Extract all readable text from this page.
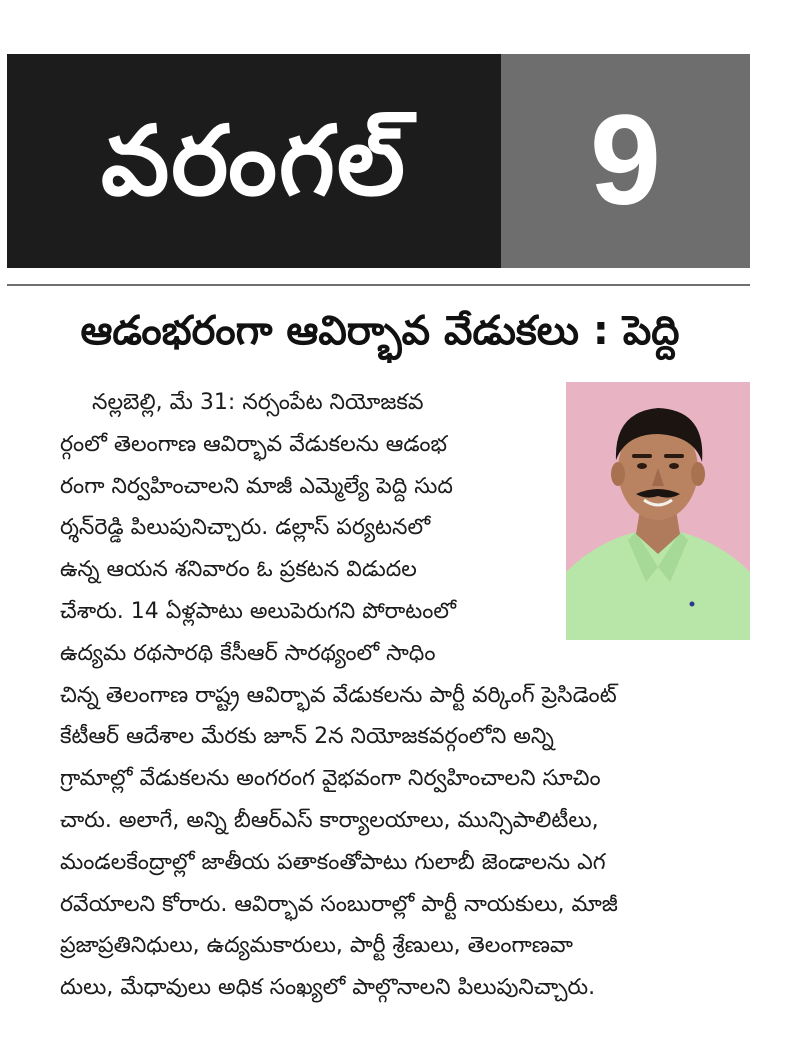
వరంగల్ 9
ఆడంభరంగా ఆవిర్భావ వేడుకలు : పెద్ది
నల్లబెల్లి, మే 31: నర్సంపేట నియోజకవ
ర్గంలో తెలంగాణ ఆవిర్భావ వేడుకలను ఆడంభ
రంగా నిర్వహించాలని మాజీ ఎమ్మెల్యే పెద్ది సుద
ర్శన్‌రెడ్డి పిలుపునిచ్చారు. డల్లాస్ పర్యటనలో
ఉన్న ఆయన శనివారం ఓ ప్రకటన విడుదల
చేశారు. 14 ఏళ్లపాటు అలుపెరుగని పోరాటంలో
ఉద్యమ రథసారథి కేసీఆర్ సారథ్యంలో సాధిం
చిన్న తెలంగాణ రాష్ట్ర ఆవిర్భావ వేడుకలను పార్టీ వర్కింగ్ ప్రెసిడెంట్
కేటీఆర్ ఆదేశాల మేరకు జూన్ 2న నియోజకవర్గంలోని అన్ని
గ్రామాల్లో వేడుకలను అంగరంగ వైభవంగా నిర్వహించాలని సూచిం
చారు. అలాగే, అన్ని బీఆర్ఎస్ కార్యాలయాలు, మున్సిపాలిటీలు,
మండలకేంద్రాల్లో జాతీయ పతాకంతోపాటు గులాబీ జెండాలను ఎగ
రవేయాలని కోరారు. ఆవిర్భావ సంబురాల్లో పార్టీ నాయకులు, మాజీ
ప్రజాప్రతినిధులు, ఉద్యమకారులు, పార్టీ శ్రేణులు, తెలంగాణవా
దులు, మేధావులు అధిక సంఖ్యలో పాల్గొనాలని పిలుపునిచ్చారు.
